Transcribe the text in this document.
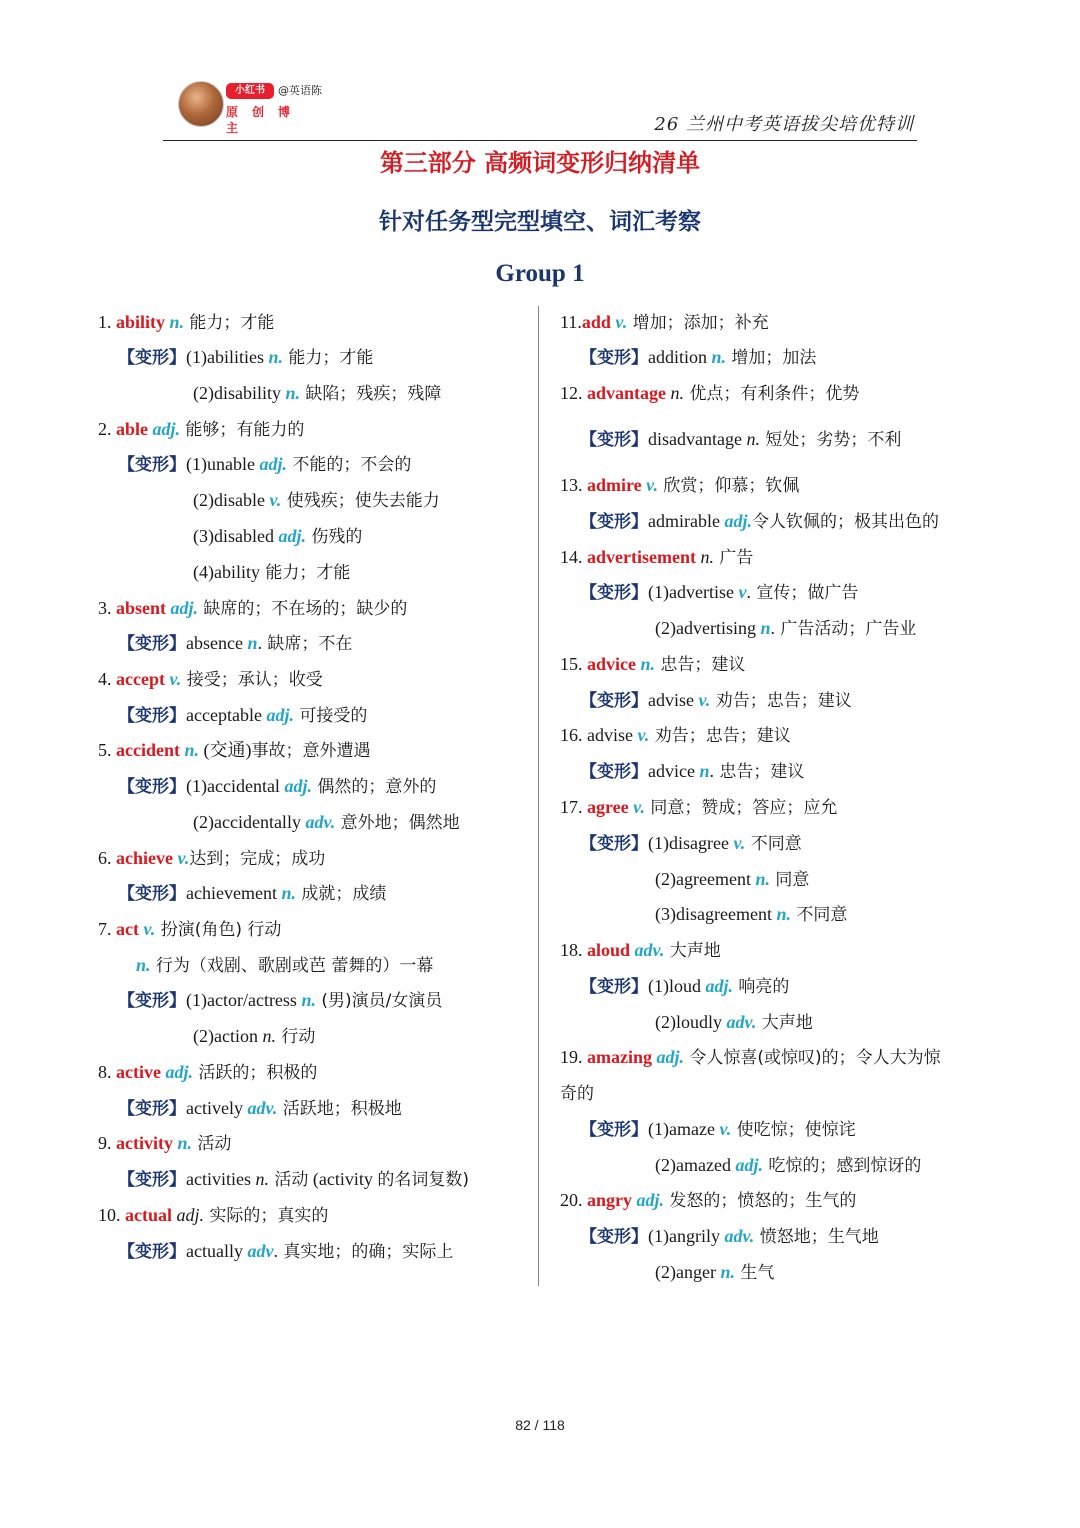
小红书	@英语陈
原创博主	26 兰州中考英语拔尖培优特训
第三部分 高频词变形归纳清单
针对任务型完型填空、词汇考察
Group 1
1. ability n. 能力；才能
【变形】(1)abilities n. 能力；才能
(2)disability n. 缺陷；残疾；残障
2. able adj. 能够；有能力的
【变形】(1)unable adj. 不能的；不会的
(2)disable v. 使残疾；使失去能力
(3)disabled adj. 伤残的
(4)ability 能力；才能
3. absent adj. 缺席的；不在场的；缺少的
【变形】absence n. 缺席；不在
4. accept v. 接受；承认；收受
【变形】acceptable adj. 可接受的
5. accident n. (交通)事故；意外遭遇
【变形】(1)accidental adj. 偶然的；意外的
(2)accidentally adv. 意外地；偶然地
6. achieve v.达到；完成；成功
【变形】achievement n. 成就；成绩
7. act v. 扮演(角色) 行动
n. 行为（戏剧、歌剧或芭 蕾舞的）一幕
【变形】(1)actor/actress n. (男)演员/女演员
(2)action n. 行动
8. active adj. 活跃的；积极的
【变形】actively adv. 活跃地；积极地
9. activity n. 活动
【变形】activities n. 活动 (activity 的名词复数)
10. actual adj. 实际的；真实的
【变形】actually adv. 真实地；的确；实际上
11.add v. 增加；添加；补充
【变形】addition n. 增加；加法
12. advantage n. 优点；有利条件；优势
【变形】disadvantage n. 短处；劣势；不利
13. admire v. 欣赏；仰慕；钦佩
【变形】admirable adj.令人钦佩的；极其出色的
14. advertisement n. 广告
【变形】(1)advertise v. 宣传；做广告
(2)advertising n. 广告活动；广告业
15. advice n. 忠告；建议
【变形】advise v. 劝告；忠告；建议
16. advise v. 劝告；忠告；建议
【变形】advice n. 忠告；建议
17. agree v. 同意；赞成；答应；应允
【变形】(1)disagree v. 不同意
(2)agreement n. 同意
(3)disagreement n. 不同意
18. aloud adv. 大声地
【变形】(1)loud adj. 响亮的
(2)loudly adv. 大声地
19. amazing adj. 令人惊喜(或惊叹)的；令人大为惊
奇的
【变形】(1)amaze v. 使吃惊；使惊诧
(2)amazed adj. 吃惊的；感到惊讶的
20. angry adj. 发怒的；愤怒的；生气的
【变形】(1)angrily adv. 愤怒地；生气地
(2)anger n. 生气
82 / 118
